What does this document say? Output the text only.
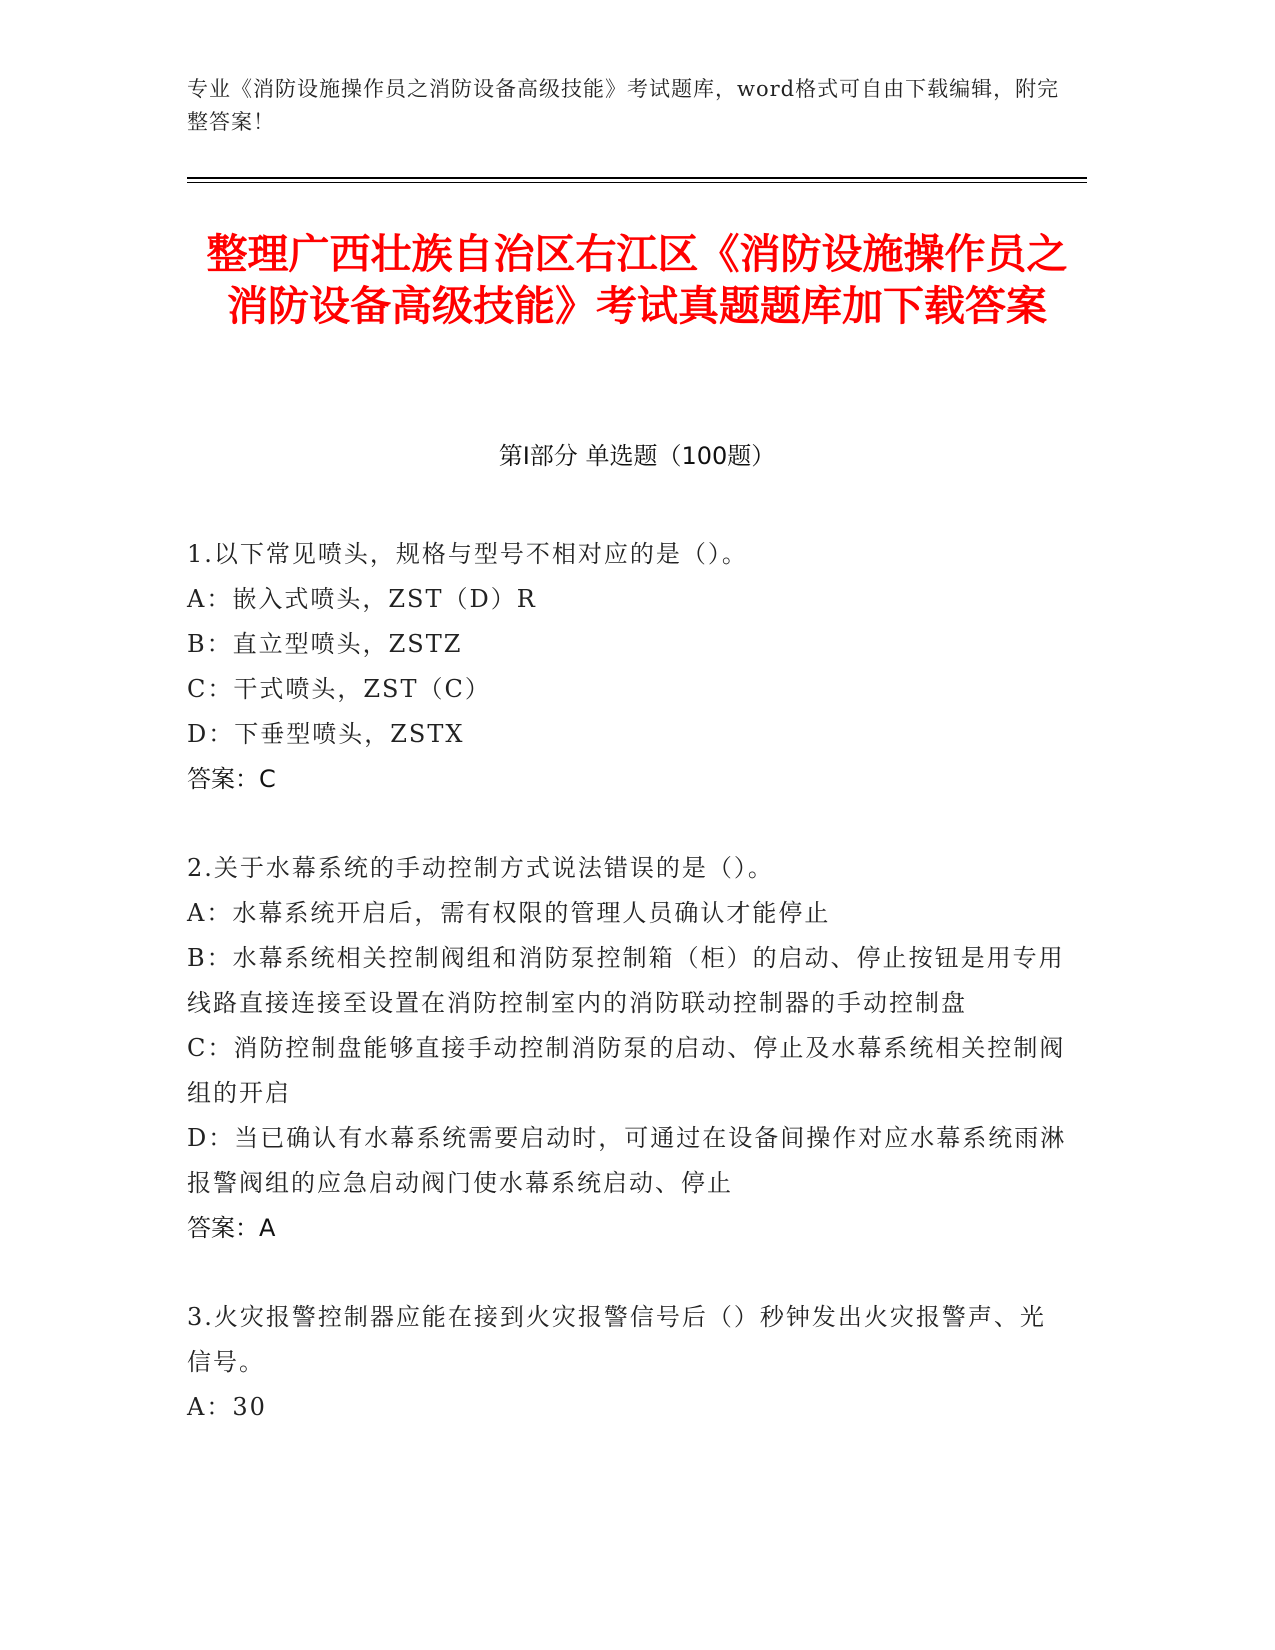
专业《消防设施操作员之消防设备高级技能》考试题库，word格式可自由下载编辑，附完整答案！
整理广西壮族自治区右江区《消防设施操作员之消防设备高级技能》考试真题题库加下载答案
第Ⅰ部分 单选题（100题）

1.以下常见喷头，规格与型号不相对应的是（）。

A：嵌入式喷头，ZST（D）R

B：直立型喷头，ZSTZ

C：干式喷头，ZST（C）

D：下垂型喷头，ZSTX

答案：C

2.关于水幕系统的手动控制方式说法错误的是（）。

A：水幕系统开启后，需有权限的管理人员确认才能停止

B：水幕系统相关控制阀组和消防泵控制箱（柜）的启动、停止按钮是用专用线路直接连接至设置在消防控制室内的消防联动控制器的手动控制盘

C：消防控制盘能够直接手动控制消防泵的启动、停止及水幕系统相关控制阀组的开启

D：当已确认有水幕系统需要启动时，可通过在设备间操作对应水幕系统雨淋报警阀组的应急启动阀门使水幕系统启动、停止

答案：A

3.火灾报警控制器应能在接到火灾报警信号后（）秒钟发出火灾报警声、光信号。

A：30
